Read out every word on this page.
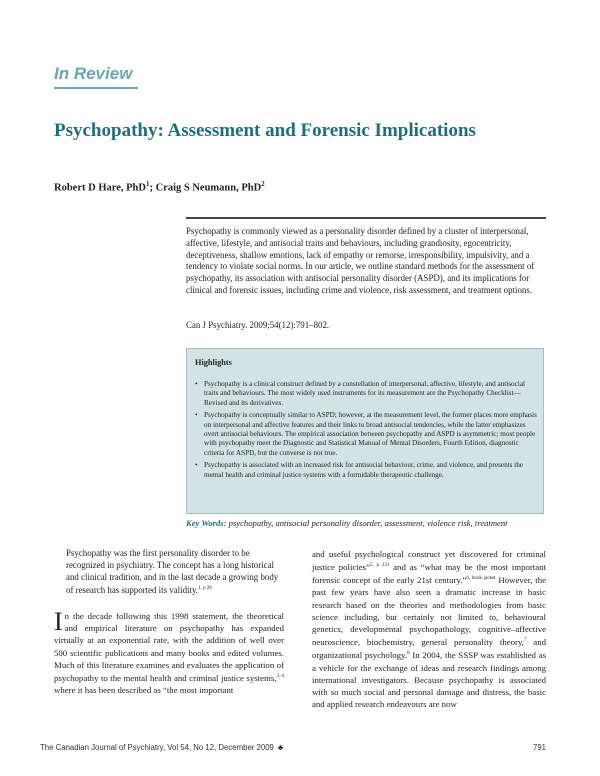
In Review
Psychopathy: Assessment and Forensic Implications
Robert D Hare, PhD$^1$; Craig S Neumann, PhD$^2$
Psychopathy is commonly viewed as a personality disorder defined by a cluster of interpersonal, affective, lifestyle, and antisocial traits and behaviours, including grandiosity, egocentricity, deceptiveness, shallow emotions, lack of empathy or remorse, irresponsibility, impulsivity, and a tendency to violate social norms. In our article, we outline standard methods for the assessment of psychopathy, its association with antisocial personality disorder (ASPD), and its implications for clinical and forensic issues, including crime and violence, risk assessment, and treatment options.
Can J Psychiatry. 2009;54(12):791–802.
Highlights
• Psychopathy is a clinical construct defined by a constellation of interpersonal, affective, lifestyle, and antisocial traits and behaviours. The most widely used instruments for its measurement are the Psychopathy Checklist—Revised and its derivatives.
• Psychopathy is conceptually similar to ASPD; however, at the measurement level, the former places more emphasis on interpersonal and affective features and their links to broad antisocial tendencies, while the latter emphasizes overt antisocial behaviours. The empirical association between psychopathy and ASPD is asymmetric; most people with psychopathy meet the Diagnostic and Statistical Manual of Mental Disorders, Fourth Edition, diagnostic criteria for ASPD, but the converse is not true.
• Psychopathy is associated with an increased risk for antisocial behaviour, crime, and violence, and presents the mental health and criminal justice systems with a formidable therapeutic challenge.
Key Words: psychopathy, antisocial personality disorder, assessment, violence risk, treatment
Psychopathy was the first personality disorder to be recognized in psychiatry. The concept has a long historical and clinical tradition, and in the last decade a growing body of research has supported its validity.$^{1, p 28}$
In the decade following this 1998 statement, the theoretical and empirical literature on psychopathy has expanded virtually at an exponential rate, with the addition of well over 500 scientific publications and many books and edited volumes. Much of this literature examines and evaluates the application of psychopathy to the mental health and criminal justice systems,$^{2-4}$ where it has been described as “the most important
and useful psychological construct yet discovered for criminal justice policies”$^{5, p 231}$ and as “what may be the most important forensic concept of the early 21st century.”$^{6, book jacket}$ However, the past few years have also seen a dramatic increase in basic research based on the theories and methodologies from basic science including, but certainly not limited to, behavioural genetics, developmental psychopathology, cognitive–affective neuroscience, biochemistry, general personality theory,$^7$ and organizational psychology.$^8$ In 2004, the SSSP was established as a vehicle for the exchange of ideas and research findings among international investigators. Because psychopathy is associated with so much social and personal damage and distress, the basic and applied research endeavours are now
The Canadian Journal of Psychiatry, Vol 54, No 12, December 2009 ♣	791
